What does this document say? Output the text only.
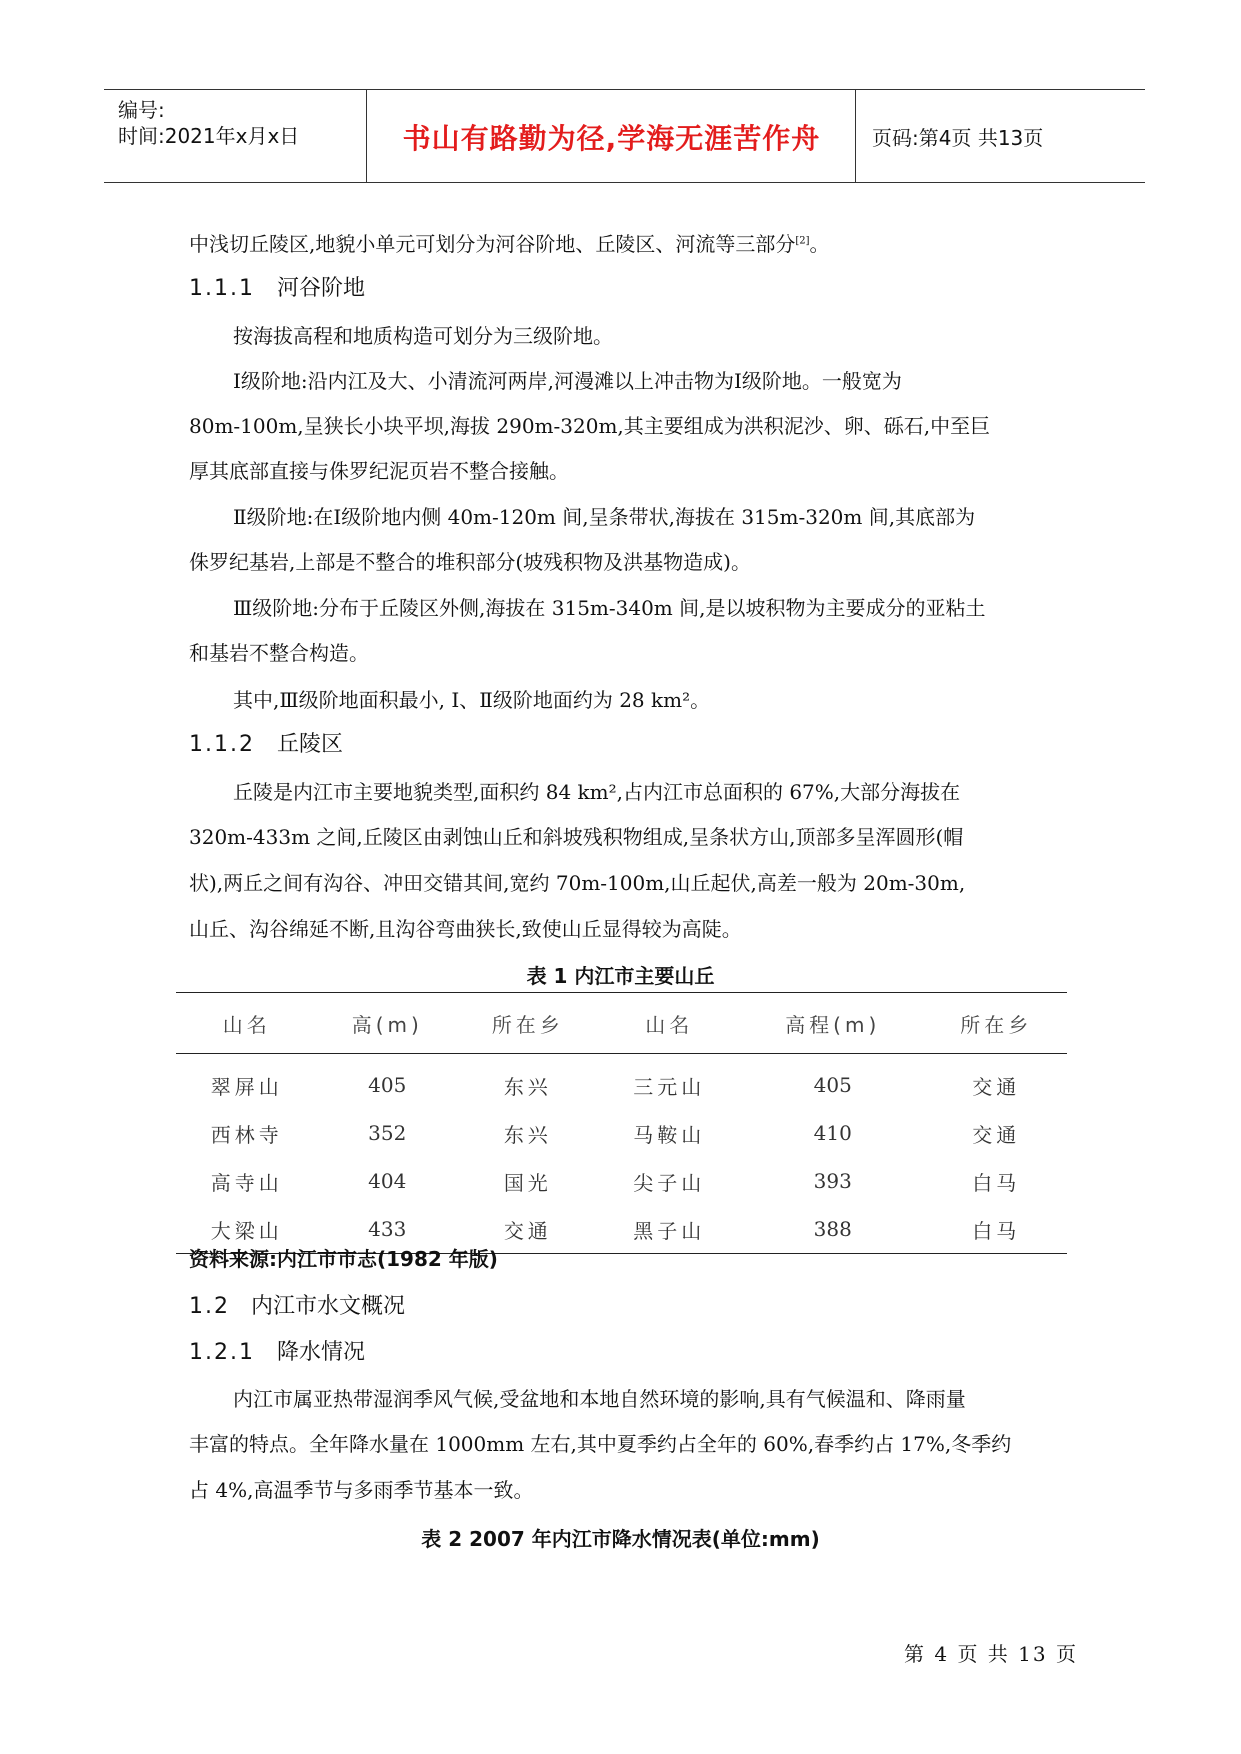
编号:
时间:2021年x月x日	书山有路勤为径,学海无涯苦作舟	页码:第4页 共13页
中浅切丘陵区,地貌小单元可划分为河谷阶地、丘陵区、河流等三部分[2]。
1.1.1 河谷阶地
按海拔高程和地质构造可划分为三级阶地。
Ⅰ级阶地:沿内江及大、小清流河两岸,河漫滩以上冲击物为Ⅰ级阶地。一般宽为
80m-100m,呈狭长小块平坝,海拔 290m-320m,其主要组成为洪积泥沙、卵、砾石,中至巨
厚其底部直接与侏罗纪泥页岩不整合接触。
Ⅱ级阶地:在Ⅰ级阶地内侧 40m-120m 间,呈条带状,海拔在 315m-320m 间,其底部为
侏罗纪基岩,上部是不整合的堆积部分(坡残积物及洪基物造成)。
Ⅲ级阶地:分布于丘陵区外侧,海拔在 315m-340m 间,是以坡积物为主要成分的亚粘土
和基岩不整合构造。
其中,Ⅲ级阶地面积最小, Ⅰ、Ⅱ级阶地面约为 28 km²。
1.1.2 丘陵区
丘陵是内江市主要地貌类型,面积约 84 km²,占内江市总面积的 67%,大部分海拔在
320m-433m 之间,丘陵区由剥蚀山丘和斜坡残积物组成,呈条状方山,顶部多呈浑圆形(帽
状),两丘之间有沟谷、冲田交错其间,宽约 70m-100m,山丘起伏,高差一般为 20m-30m,
山丘、沟谷绵延不断,且沟谷弯曲狭长,致使山丘显得较为高陡。
表 1 内江市主要山丘
山名	高(m)	所在乡	山名	高程(m)	所在乡
翠屏山	405	东兴	三元山	405	交通
西林寺	352	东兴	马鞍山	410	交通
高寺山	404	国光	尖子山	393	白马
大梁山	433	交通	黑子山	388	白马
资料来源:内江市市志(1982 年版)
1.2 内江市水文概况
1.2.1 降水情况
内江市属亚热带湿润季风气候,受盆地和本地自然环境的影响,具有气候温和、降雨量
丰富的特点。全年降水量在 1000mm 左右,其中夏季约占全年的 60%,春季约占 17%,冬季约
占 4%,高温季节与多雨季节基本一致。
表 2 2007 年内江市降水情况表(单位:mm)
第 4 页 共 13 页
